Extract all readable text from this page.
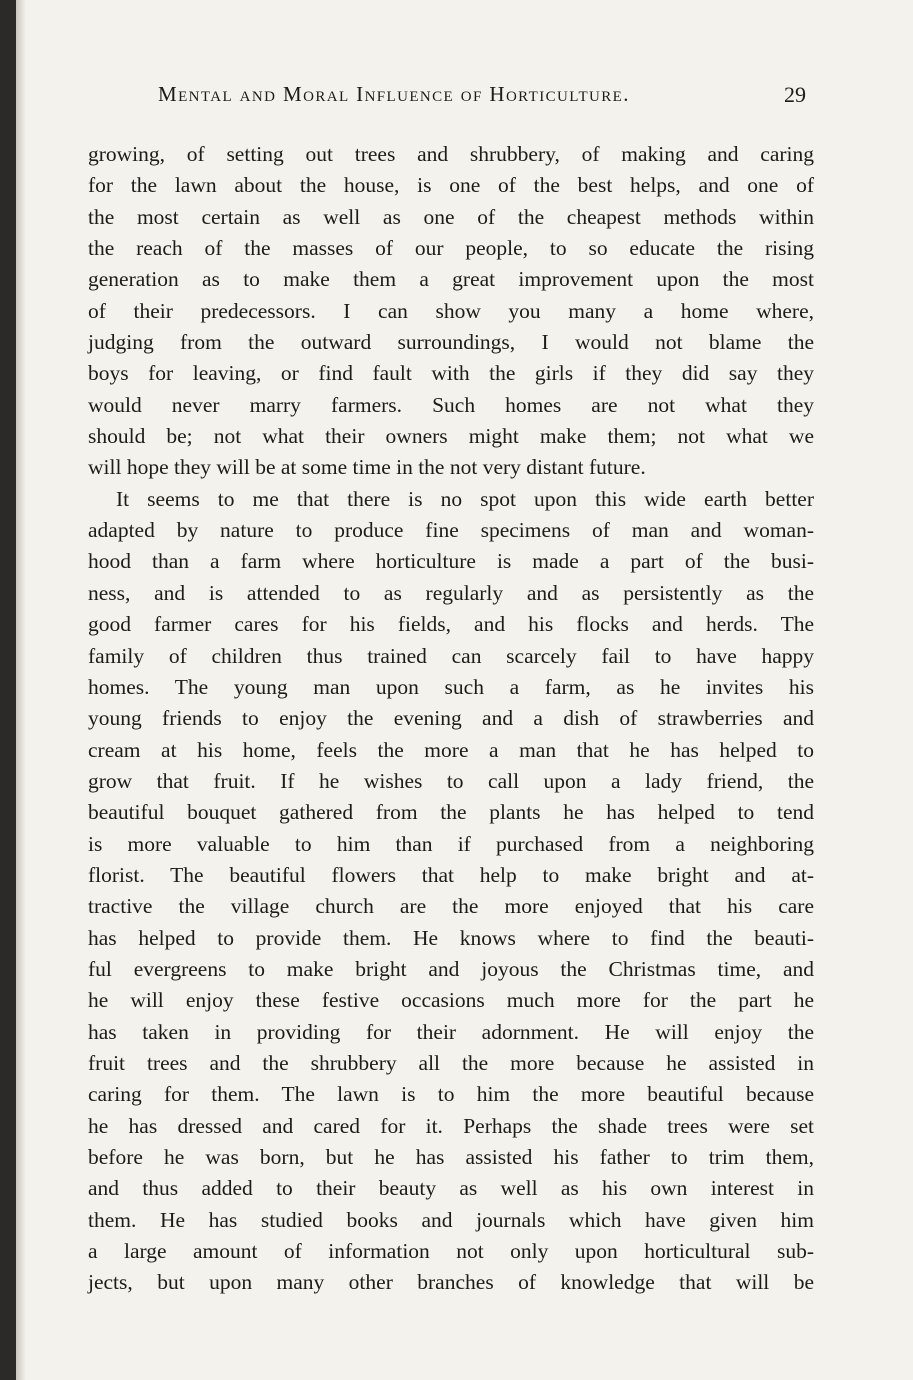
Mental and Moral Influence of Horticulture.	29
growing, of setting out trees and shrubbery, of making and caring
for the lawn about the house, is one of the best helps, and one of
the most certain as well as one of the cheapest methods within
the reach of the masses of our people, to so educate the rising
generation as to make them a great improvement upon the most
of their predecessors. I can show you many a home where,
judging from the outward surroundings, I would not blame the
boys for leaving, or find fault with the girls if they did say they
would never marry farmers. Such homes are not what they
should be; not what their owners might make them; not what we
will hope they will be at some time in the not very distant future.
It seems to me that there is no spot upon this wide earth better
adapted by nature to produce fine specimens of man and woman-
hood than a farm where horticulture is made a part of the busi-
ness, and is attended to as regularly and as persistently as the
good farmer cares for his fields, and his flocks and herds. The
family of children thus trained can scarcely fail to have happy
homes. The young man upon such a farm, as he invites his
young friends to enjoy the evening and a dish of strawberries and
cream at his home, feels the more a man that he has helped to
grow that fruit. If he wishes to call upon a lady friend, the
beautiful bouquet gathered from the plants he has helped to tend
is more valuable to him than if purchased from a neighboring
florist. The beautiful flowers that help to make bright and at-
tractive the village church are the more enjoyed that his care
has helped to provide them. He knows where to find the beauti-
ful evergreens to make bright and joyous the Christmas time, and
he will enjoy these festive occasions much more for the part he
has taken in providing for their adornment. He will enjoy the
fruit trees and the shrubbery all the more because he assisted in
caring for them. The lawn is to him the more beautiful because
he has dressed and cared for it. Perhaps the shade trees were set
before he was born, but he has assisted his father to trim them,
and thus added to their beauty as well as his own interest in
them. He has studied books and journals which have given him
a large amount of information not only upon horticultural sub-
jects, but upon many other branches of knowledge that will be
